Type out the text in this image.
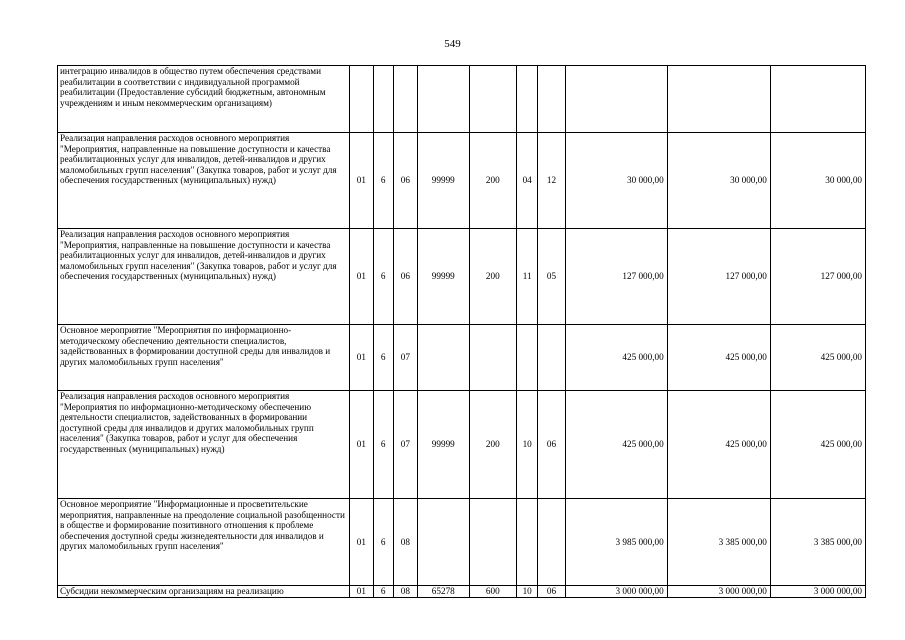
549
интеграцию инвалидов в общество путем обеспечения средствами реабилитации в соответствии с индивидуальной программой реабилитации (Предоставление субсидий бюджетным, автономным учреждениям и иным некоммерческим организациям)										
Реализация направления расходов основного мероприятия "Мероприятия, направленные на повышение доступности и качества реабилитационных услуг для инвалидов, детей-инвалидов и других маломобильных групп населения" (Закупка товаров, работ и услуг для обеспечения государственных (муниципальных) нужд)	01	6	06	99999	200	04	12	30 000,00	30 000,00	30 000,00
Реализация направления расходов основного мероприятия "Мероприятия, направленные на повышение доступности и качества реабилитационных услуг для инвалидов, детей-инвалидов и других маломобильных групп населения" (Закупка товаров, работ и услуг для обеспечения государственных (муниципальных) нужд)	01	6	06	99999	200	11	05	127 000,00	127 000,00	127 000,00
Основное мероприятие "Мероприятия по информационно-методическому обеспечению деятельности специалистов, задействованных в формировании доступной среды для инвалидов и других маломобильных групп населения"	01	6	07					425 000,00	425 000,00	425 000,00
Реализация направления расходов основного мероприятия "Мероприятия по информационно-методическому обеспечению деятельности специалистов, задействованных в формировании доступной среды для инвалидов и других маломобильных групп населения" (Закупка товаров, работ и услуг для обеспечения государственных (муниципальных) нужд)	01	6	07	99999	200	10	06	425 000,00	425 000,00	425 000,00
Основное мероприятие "Информационные и просветительские мероприятия, направленные на преодоление социальной разобщенности в обществе и формирование позитивного отношения к проблеме обеспечения доступной среды жизнедеятельности для инвалидов и других маломобильных групп населения"	01	6	08					3 985 000,00	3 385 000,00	3 385 000,00
Субсидии некоммерческим организациям на реализацию	01	6	08	65278	600	10	06	3 000 000,00	3 000 000,00	3 000 000,00
